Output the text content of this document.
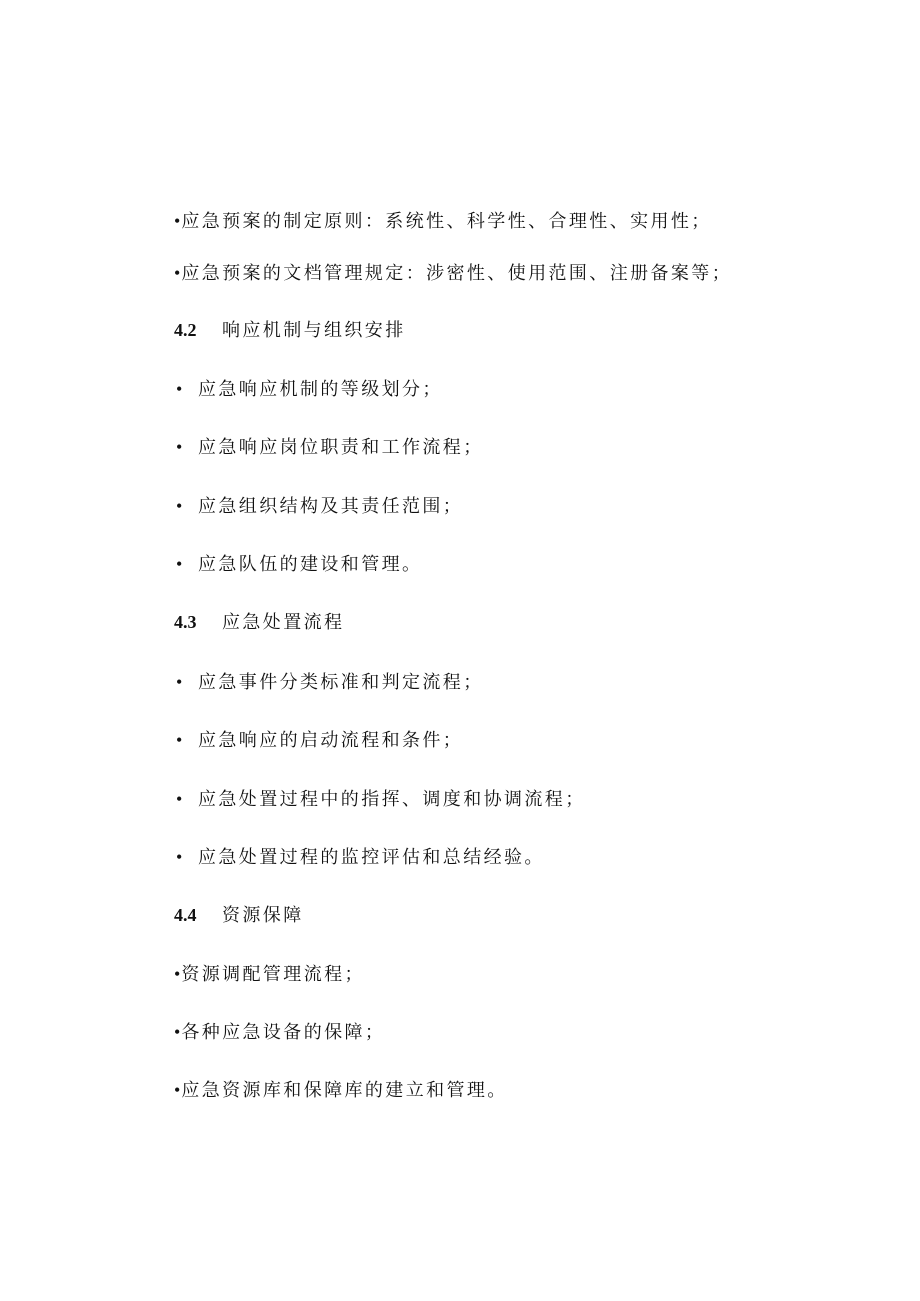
•应急预案的制定原则：系统性、科学性、合理性、实用性；
•应急预案的文档管理规定：涉密性、使用范围、注册备案等；
4.2 响应机制与组织安排
• 应急响应机制的等级划分；
• 应急响应岗位职责和工作流程；
• 应急组织结构及其责任范围；
• 应急队伍的建设和管理。
4.3 应急处置流程
• 应急事件分类标准和判定流程；
• 应急响应的启动流程和条件；
• 应急处置过程中的指挥、调度和协调流程；
• 应急处置过程的监控评估和总结经验。
4.4 资源保障
•资源调配管理流程；
•各种应急设备的保障；
•应急资源库和保障库的建立和管理。
